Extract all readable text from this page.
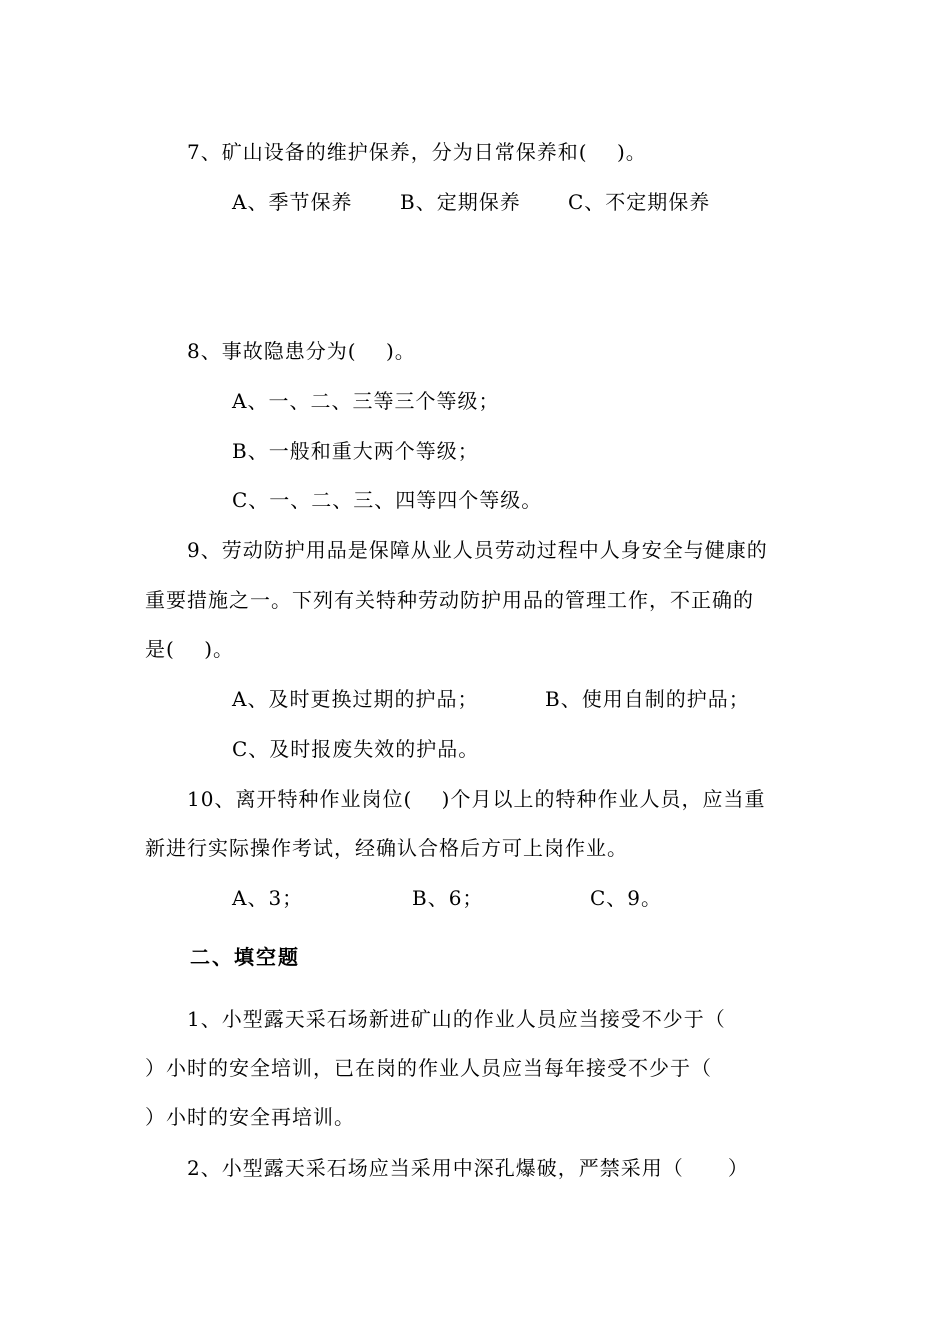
7、矿山设备的维护保养，分为日常保养和(    )。
A、季节保养 B、定期保养 C、不定期保养
8、事故隐患分为(    )。
A、一、二、三等三个等级；
B、一般和重大两个等级；
C、一、二、三、四等四个等级。
9、劳动防护用品是保障从业人员劳动过程中人身安全与健康的
重要措施之一。下列有关特种劳动防护用品的管理工作，不正确的
是(    )。
A、及时更换过期的护品；	B、使用自制的护品；
C、及时报废失效的护品。
10、离开特种作业岗位(    )个月以上的特种作业人员，应当重
新进行实际操作考试，经确认合格后方可上岗作业。
A、3；	B、6；	C、9。
二、填空题
1、小型露天采石场新进矿山的作业人员应当接受不少于（
）小时的安全培训，已在岗的作业人员应当每年接受不少于（
）小时的安全再培训。
2、小型露天采石场应当采用中深孔爆破，严禁采用（      ）
